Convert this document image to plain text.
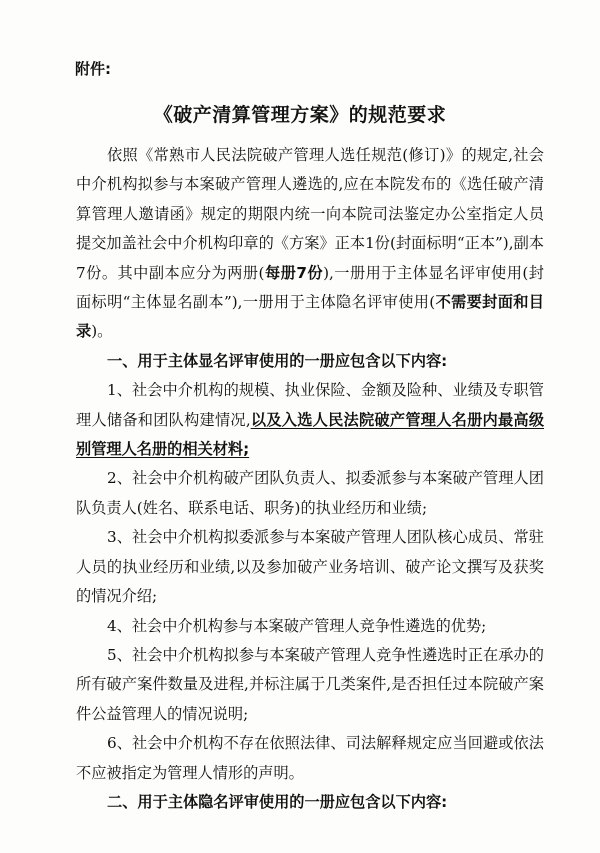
附件:
《破产清算管理方案》的规范要求

依照《常熟市人民法院破产管理人选任规范(修订)》的规定,社会中介机构拟参与本案破产管理人遴选的,应在本院发布的《选任破产清算管理人邀请函》规定的期限内统一向本院司法鉴定办公室指定人员提交加盖社会中介机构印章的《方案》正本1份(封面标明“正本”),副本7份。其中副本应分为两册(每册7份),一册用于主体显名评审使用(封面标明“主体显名副本”),一册用于主体隐名评审使用(不需要封面和目录)。

一、用于主体显名评审使用的一册应包含以下内容:

1、社会中介机构的规模、执业保险、金额及险种、业绩及专职管理人储备和团队构建情况,以及入选人民法院破产管理人名册内最高级别管理人名册的相关材料;

2、社会中介机构破产团队负责人、拟委派参与本案破产管理人团队负责人(姓名、联系电话、职务)的执业经历和业绩;

3、社会中介机构拟委派参与本案破产管理人团队核心成员、常驻人员的执业经历和业绩,以及参加破产业务培训、破产论文撰写及获奖的情况介绍;

4、社会中介机构参与本案破产管理人竞争性遴选的优势;

5、社会中介机构拟参与本案破产管理人竞争性遴选时正在承办的所有破产案件数量及进程,并标注属于几类案件,是否担任过本院破产案件公益管理人的情况说明;

6、社会中介机构不存在依照法律、司法解释规定应当回避或依法不应被指定为管理人情形的声明。

二、用于主体隐名评审使用的一册应包含以下内容:
